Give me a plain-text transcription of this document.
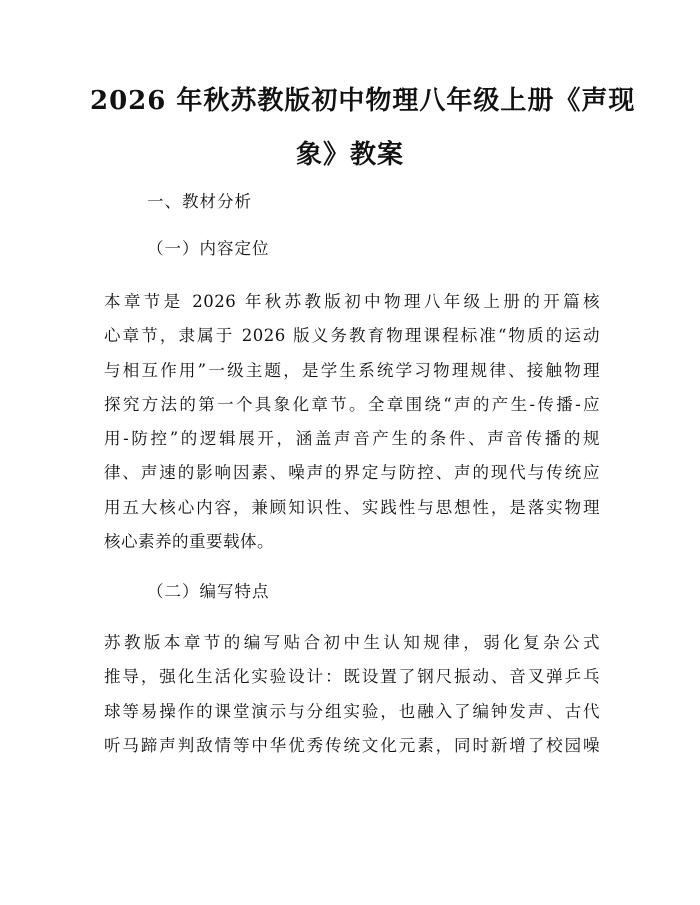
2026 年秋苏教版初中物理八年级上册《声现
象》教案
一、教材分析
（一）内容定位
本章节是 2026 年秋苏教版初中物理八年级上册的开篇核
心章节，隶属于 2026 版义务教育物理课程标准“物质的运动
与相互作用”一级主题，是学生系统学习物理规律、接触物理
探究方法的第一个具象化章节。全章围绕“声的产生-传播-应
用-防控”的逻辑展开，涵盖声音产生的条件、声音传播的规
律、声速的影响因素、噪声的界定与防控、声的现代与传统应
用五大核心内容，兼顾知识性、实践性与思想性，是落实物理
核心素养的重要载体。
（二）编写特点
苏教版本章节的编写贴合初中生认知规律，弱化复杂公式
推导，强化生活化实验设计：既设置了钢尺振动、音叉弹乒乓
球等易操作的课堂演示与分组实验，也融入了编钟发声、古代
听马蹄声判敌情等中华优秀传统文化元素，同时新增了校园噪
